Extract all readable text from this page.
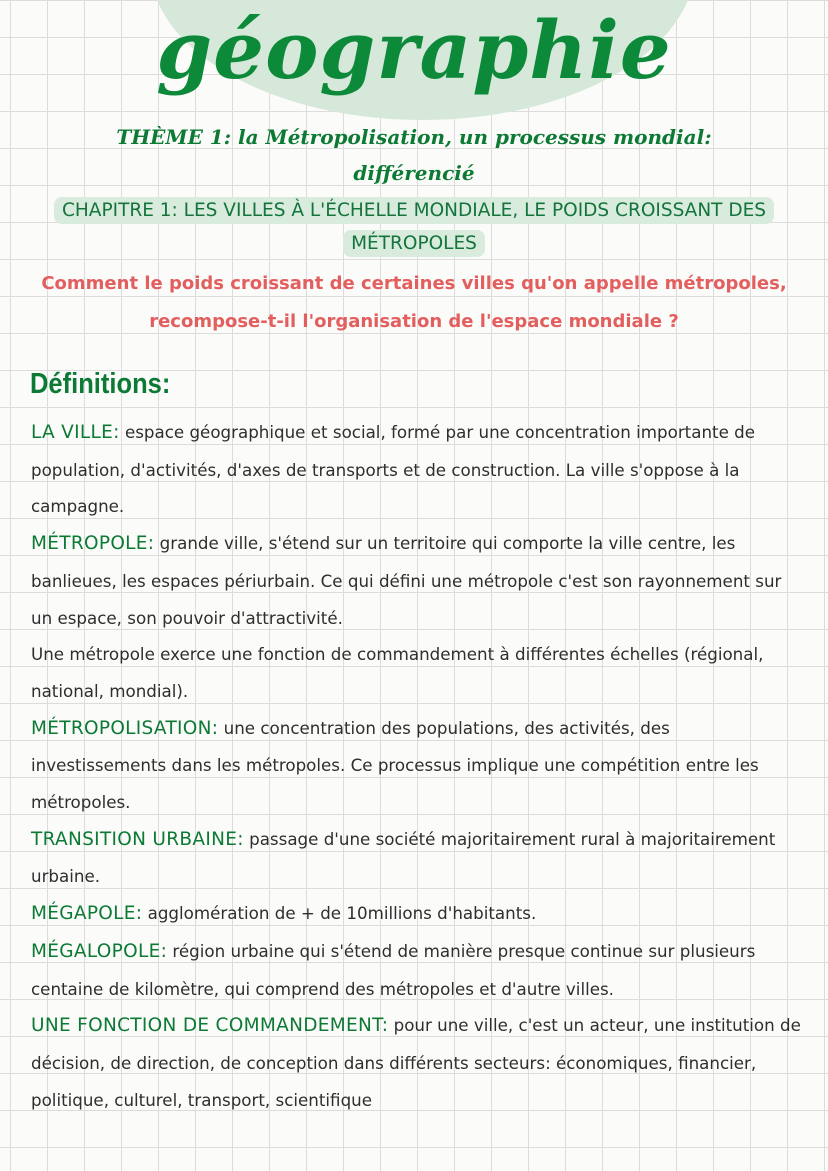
géographie
THÈME 1: la Métropolisation, un processus mondial: différencié
CHAPITRE 1: LES VILLES À L'ÉCHELLE MONDIALE, LE POIDS CROISSANT DES MÉTROPOLES
Comment le poids croissant de certaines villes qu'on appelle métropoles, recompose-t-il l'organisation de l'espace mondiale ?
Définitions:

LA VILLE: espace géographique et social, formé par une concentration importante de population, d'activités, d'axes de transports et de construction. La ville s'oppose à la campagne.

MÉTROPOLE: grande ville, s'étend sur un territoire qui comporte la ville centre, les banlieues, les espaces périurbain. Ce qui défini une métropole c'est son rayonnement sur un espace, son pouvoir d'attractivité.

Une métropole exerce une fonction de commandement à différentes échelles (régional, national, mondial).

MÉTROPOLISATION: une concentration des populations, des activités, des investissements dans les métropoles. Ce processus implique une compétition entre les métropoles.

TRANSITION URBAINE: passage d'une société majoritairement rural à majoritairement urbaine.

MÉGAPOLE: agglomération de + de 10millions d'habitants.

MÉGALOPOLE: région urbaine qui s'étend de manière presque continue sur plusieurs centaine de kilomètre, qui comprend des métropoles et d'autre villes.

UNE FONCTION DE COMMANDEMENT: pour une ville, c'est un acteur, une institution de décision, de direction, de conception dans différents secteurs: économiques, financier, politique, culturel, transport, scientifique
